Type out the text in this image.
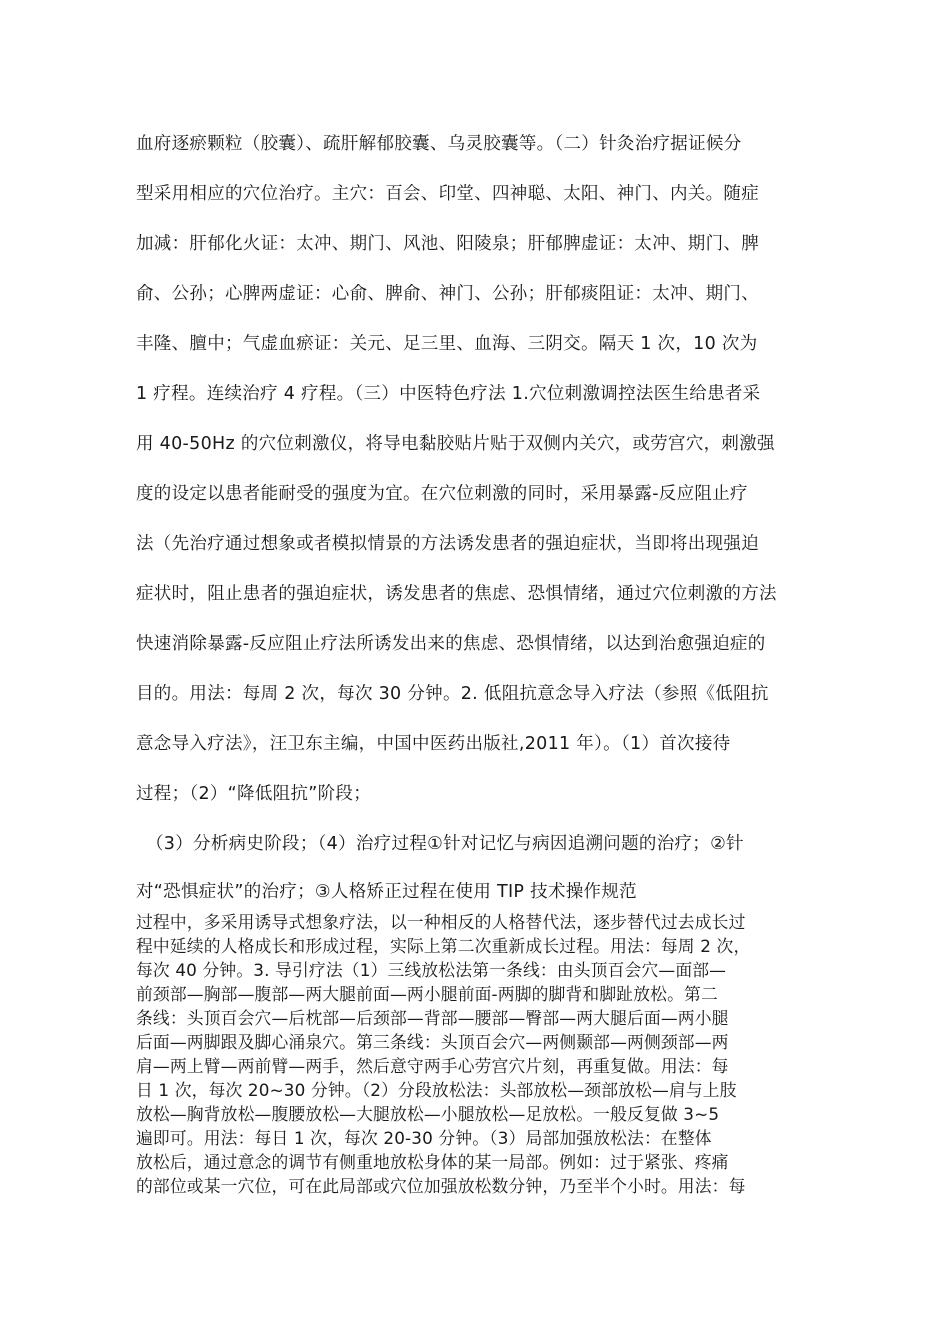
血府逐瘀颗粒（胶囊）、疏肝解郁胶囊、乌灵胶囊等。（二）针灸治疗据证候分
型采用相应的穴位治疗。主穴：百会、印堂、四神聪、太阳、神门、内关。随症
加减：肝郁化火证：太冲、期门、风池、阳陵泉；肝郁脾虚证：太冲、期门、脾
俞、公孙；心脾两虚证：心俞、脾俞、神门、公孙；肝郁痰阻证：太冲、期门、
丰隆、膻中；气虚血瘀证：关元、足三里、血海、三阴交。隔天 1 次，10 次为
1 疗程。连续治疗 4 疗程。（三）中医特色疗法 1.穴位刺激调控法医生给患者采
用 40-50Hz 的穴位刺激仪，将导电黏胶贴片贴于双侧内关穴，或劳宫穴，刺激强
度的设定以患者能耐受的强度为宜。在穴位刺激的同时，采用暴露-反应阻止疗
法（先治疗通过想象或者模拟情景的方法诱发患者的强迫症状，当即将出现强迫
症状时，阻止患者的强迫症状，诱发患者的焦虑、恐惧情绪，通过穴位刺激的方法
快速消除暴露-反应阻止疗法所诱发出来的焦虑、恐惧情绪，以达到治愈强迫症的
目的。用法：每周 2 次，每次 30 分钟。2. 低阻抗意念导入疗法（参照《低阻抗
意念导入疗法》，汪卫东主编，中国中医药出版社,2011 年）。（1）首次接待
过程；（2）“降低阻抗”阶段；
（3）分析病史阶段；（4）治疗过程①针对记忆与病因追溯问题的治疗；②针
对“恐惧症状”的治疗；③人格矫正过程在使用 TIP 技术操作规范
过程中，多采用诱导式想象疗法，以一种相反的人格替代法，逐步替代过去成长过
程中延续的人格成长和形成过程，实际上第二次重新成长过程。用法：每周 2 次，
每次 40 分钟。3. 导引疗法（1）三线放松法第一条线：由头顶百会穴—面部—
前颈部—胸部—腹部—两大腿前面—两小腿前面-两脚的脚背和脚趾放松。第二
条线：头顶百会穴—后枕部—后颈部—背部—腰部—臀部—两大腿后面—两小腿
后面—两脚跟及脚心涌泉穴。第三条线：头顶百会穴—两侧颞部—两侧颈部—两
肩—两上臂—两前臂—两手，然后意守两手心劳宫穴片刻，再重复做。用法：每
日 1 次，每次 20~30 分钟。（2）分段放松法：头部放松—颈部放松—肩与上肢
放松—胸背放松—腹腰放松—大腿放松—小腿放松—足放松。一般反复做 3~5
遍即可。用法：每日 1 次，每次 20-30 分钟。（3）局部加强放松法：在整体
放松后，通过意念的调节有侧重地放松身体的某一局部。例如：过于紧张、疼痛
的部位或某一穴位，可在此局部或穴位加强放松数分钟，乃至半个小时。用法：每
